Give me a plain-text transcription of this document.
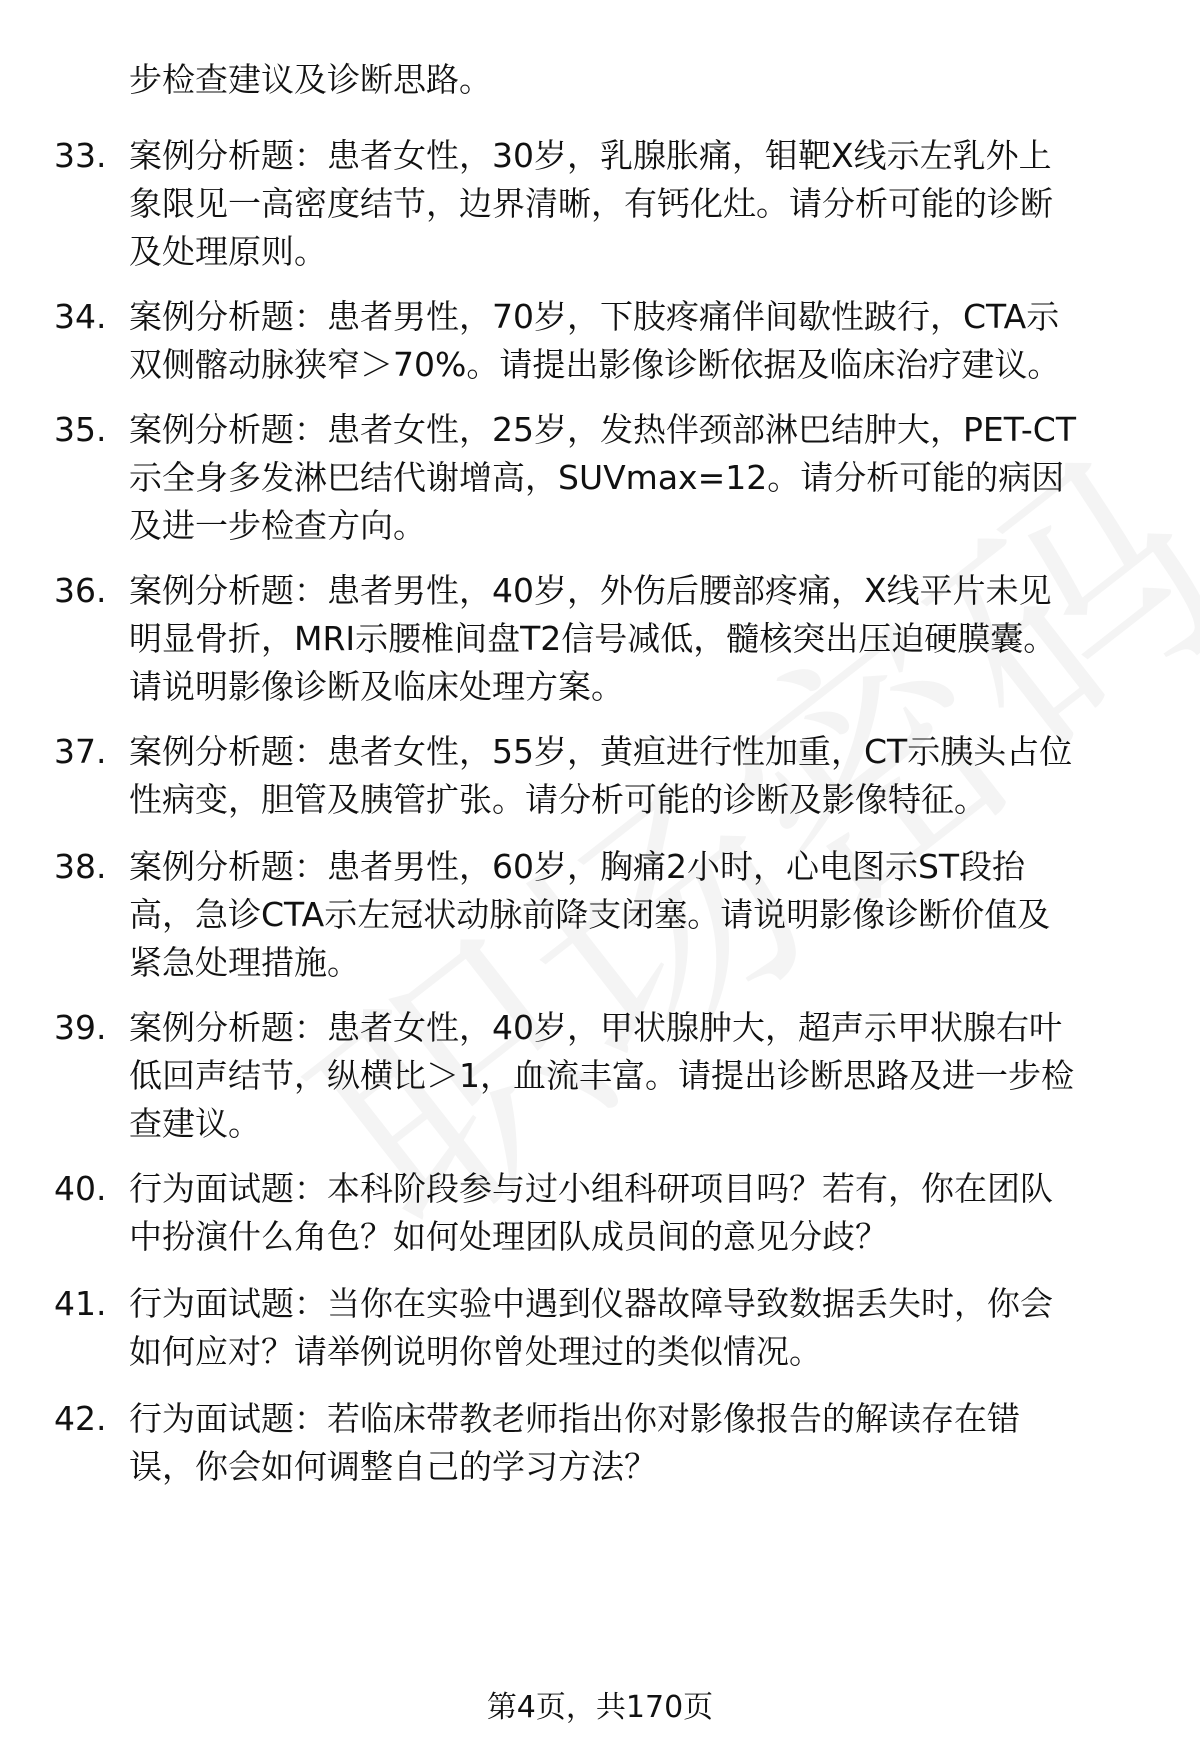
步检查建议及诊断思路。
33. 案例分析题：患者女性，30岁，乳腺胀痛，钼靶X线示左乳外上
象限见一高密度结节，边界清晰，有钙化灶。请分析可能的诊断
及处理原则。
34. 案例分析题：患者男性，70岁，下肢疼痛伴间歇性跛行，CTA示
双侧髂动脉狭窄＞70%。请提出影像诊断依据及临床治疗建议。
35. 案例分析题：患者女性，25岁，发热伴颈部淋巴结肿大，PET-CT
示全身多发淋巴结代谢增高，SUVmax=12。请分析可能的病因
及进一步检查方向。
36. 案例分析题：患者男性，40岁，外伤后腰部疼痛，X线平片未见
明显骨折，MRI示腰椎间盘T2信号减低，髓核突出压迫硬膜囊。
请说明影像诊断及临床处理方案。
37. 案例分析题：患者女性，55岁，黄疸进行性加重，CT示胰头占位
性病变，胆管及胰管扩张。请分析可能的诊断及影像特征。
38. 案例分析题：患者男性，60岁，胸痛2小时，心电图示ST段抬
高，急诊CTA示左冠状动脉前降支闭塞。请说明影像诊断价值及
紧急处理措施。
39. 案例分析题：患者女性，40岁，甲状腺肿大，超声示甲状腺右叶
低回声结节，纵横比＞1，血流丰富。请提出诊断思路及进一步检
查建议。
40. 行为面试题：本科阶段参与过小组科研项目吗？若有，你在团队
中扮演什么角色？如何处理团队成员间的意见分歧？
41. 行为面试题：当你在实验中遇到仪器故障导致数据丢失时，你会
如何应对？请举例说明你曾处理过的类似情况。
42. 行为面试题：若临床带教老师指出你对影像报告的解读存在错
误，你会如何调整自己的学习方法？
第4页，共170页
